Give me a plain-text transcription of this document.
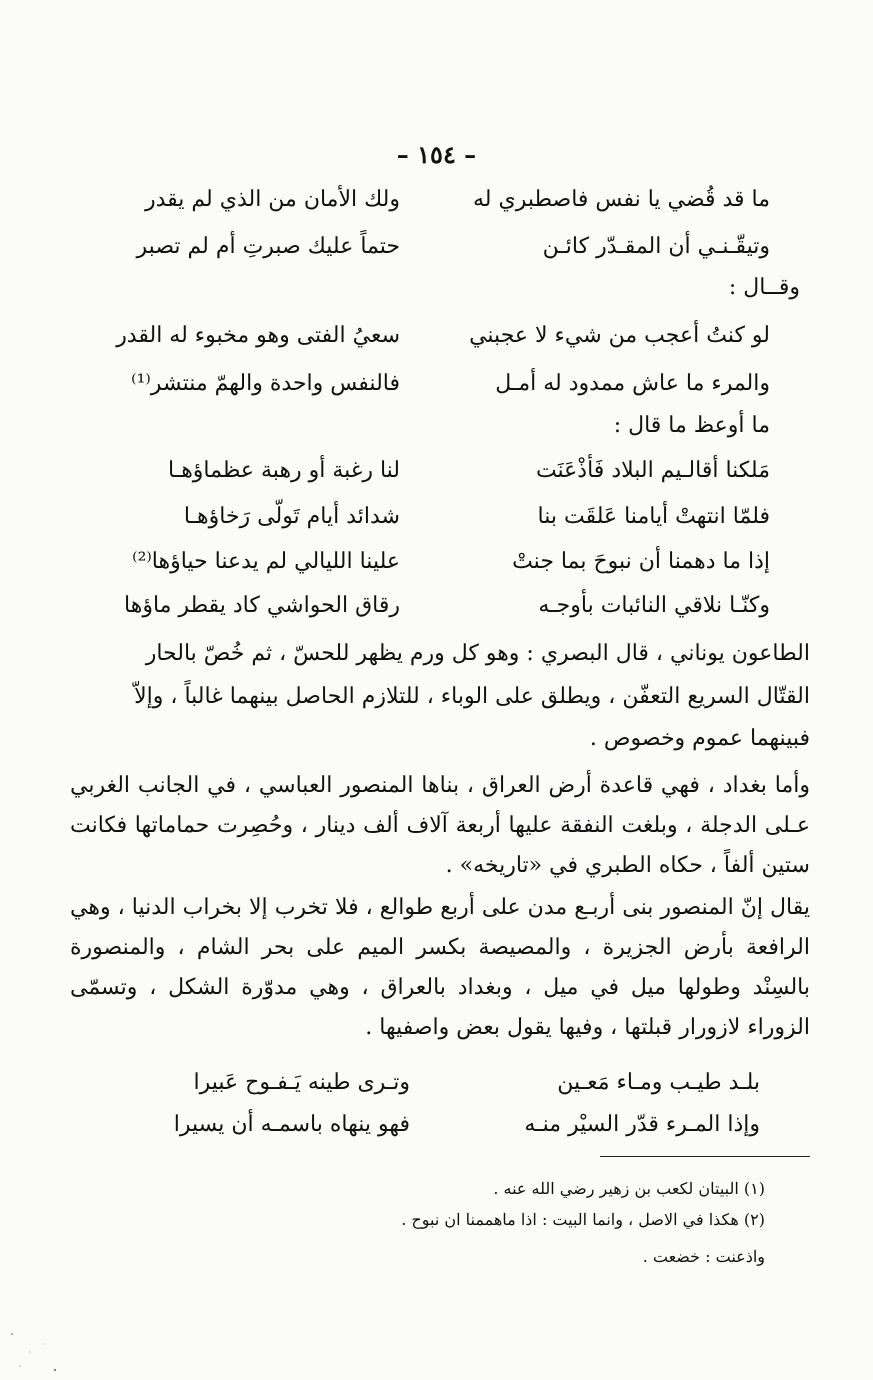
– ١٥٤ –
ما قد قُضي يا نفس فاصطبري له
ولك الأمان من الذي لم يقدر
وتيقّـنـي أن المقـدّر كائـن
حتماً عليك صبرتِ أم لم تصبر
وقــال :
لو كنتُ أعجب من شيء لا عجبني
سعيُ الفتى وهو مخبوء له القدر
والمرء ما عاش ممدود له أمـل
فالنفس واحدة والهمّ منتشر⁽¹⁾
ما أوعظ ما قال :
مَلكنا أقالـيم البلاد فَأذْعَنَت
لنا رغبة أو رهبة عظماؤهـا
فلمّا انتهتْ أيامنا عَلقَت بنا
شدائد أيام تَولّى رَخاؤهـا
إذا ما دهمنا أن نبوحَ بما جنتْ
علينا الليالي لم يدعنا حياؤها⁽²⁾
وكنّـا نلاقي النائبات بأوجـه
رقاق الحواشي كاد يقطر ماؤها
الطاعون يوناني ، قال البصري : وهو كل ورم يظهر للحسّ ، ثم خُصّ بالحار
القتّال السريع التعفّن ، ويطلق على الوباء ، للتلازم الحاصل بينهما غالباً ، وإلاّ
فبينهما عموم وخصوص .
وأما بغداد ، فهي قاعدة أرض العراق ، بناها المنصور العباسي ، في الجانب الغربي عـلى الدجلة ، وبلغت النفقة عليها أربعة آلاف ألف دينار ، وحُصِرت حماماتها فكانت ستين ألفاً ، حكاه الطبري في «تاريخه» .
يقال إنّ المنصور بنى أربـع مدن على أربع طوالع ، فلا تخرب إلا بخراب الدنيا ، وهي الرافعة بأرض الجزيرة ، والمصيصة بكسر الميم على بحر الشام ، والمنصورة بالسِنْد وطولها ميل في ميل ، وبغداد بالعراق ، وهي مدوّرة الشكل ، وتسمّى الزوراء لازورار قبلتها ، وفيها يقول بعض واصفيها .
بلـد طيـب ومـاء مَعـين
وتـرى طينه يَـفـوح عَبيرا
وإذا المـرء قدّر السيْر منـه
فهو ينهاه باسمـه أن يسيرا
(١) البيتان لكعب بن زهير رضي الله عنه .
(٢) هكذا في الاصل ، وانما البيت : اذا ماهممنا ان نبوح .
واذعنت : خضعت .
